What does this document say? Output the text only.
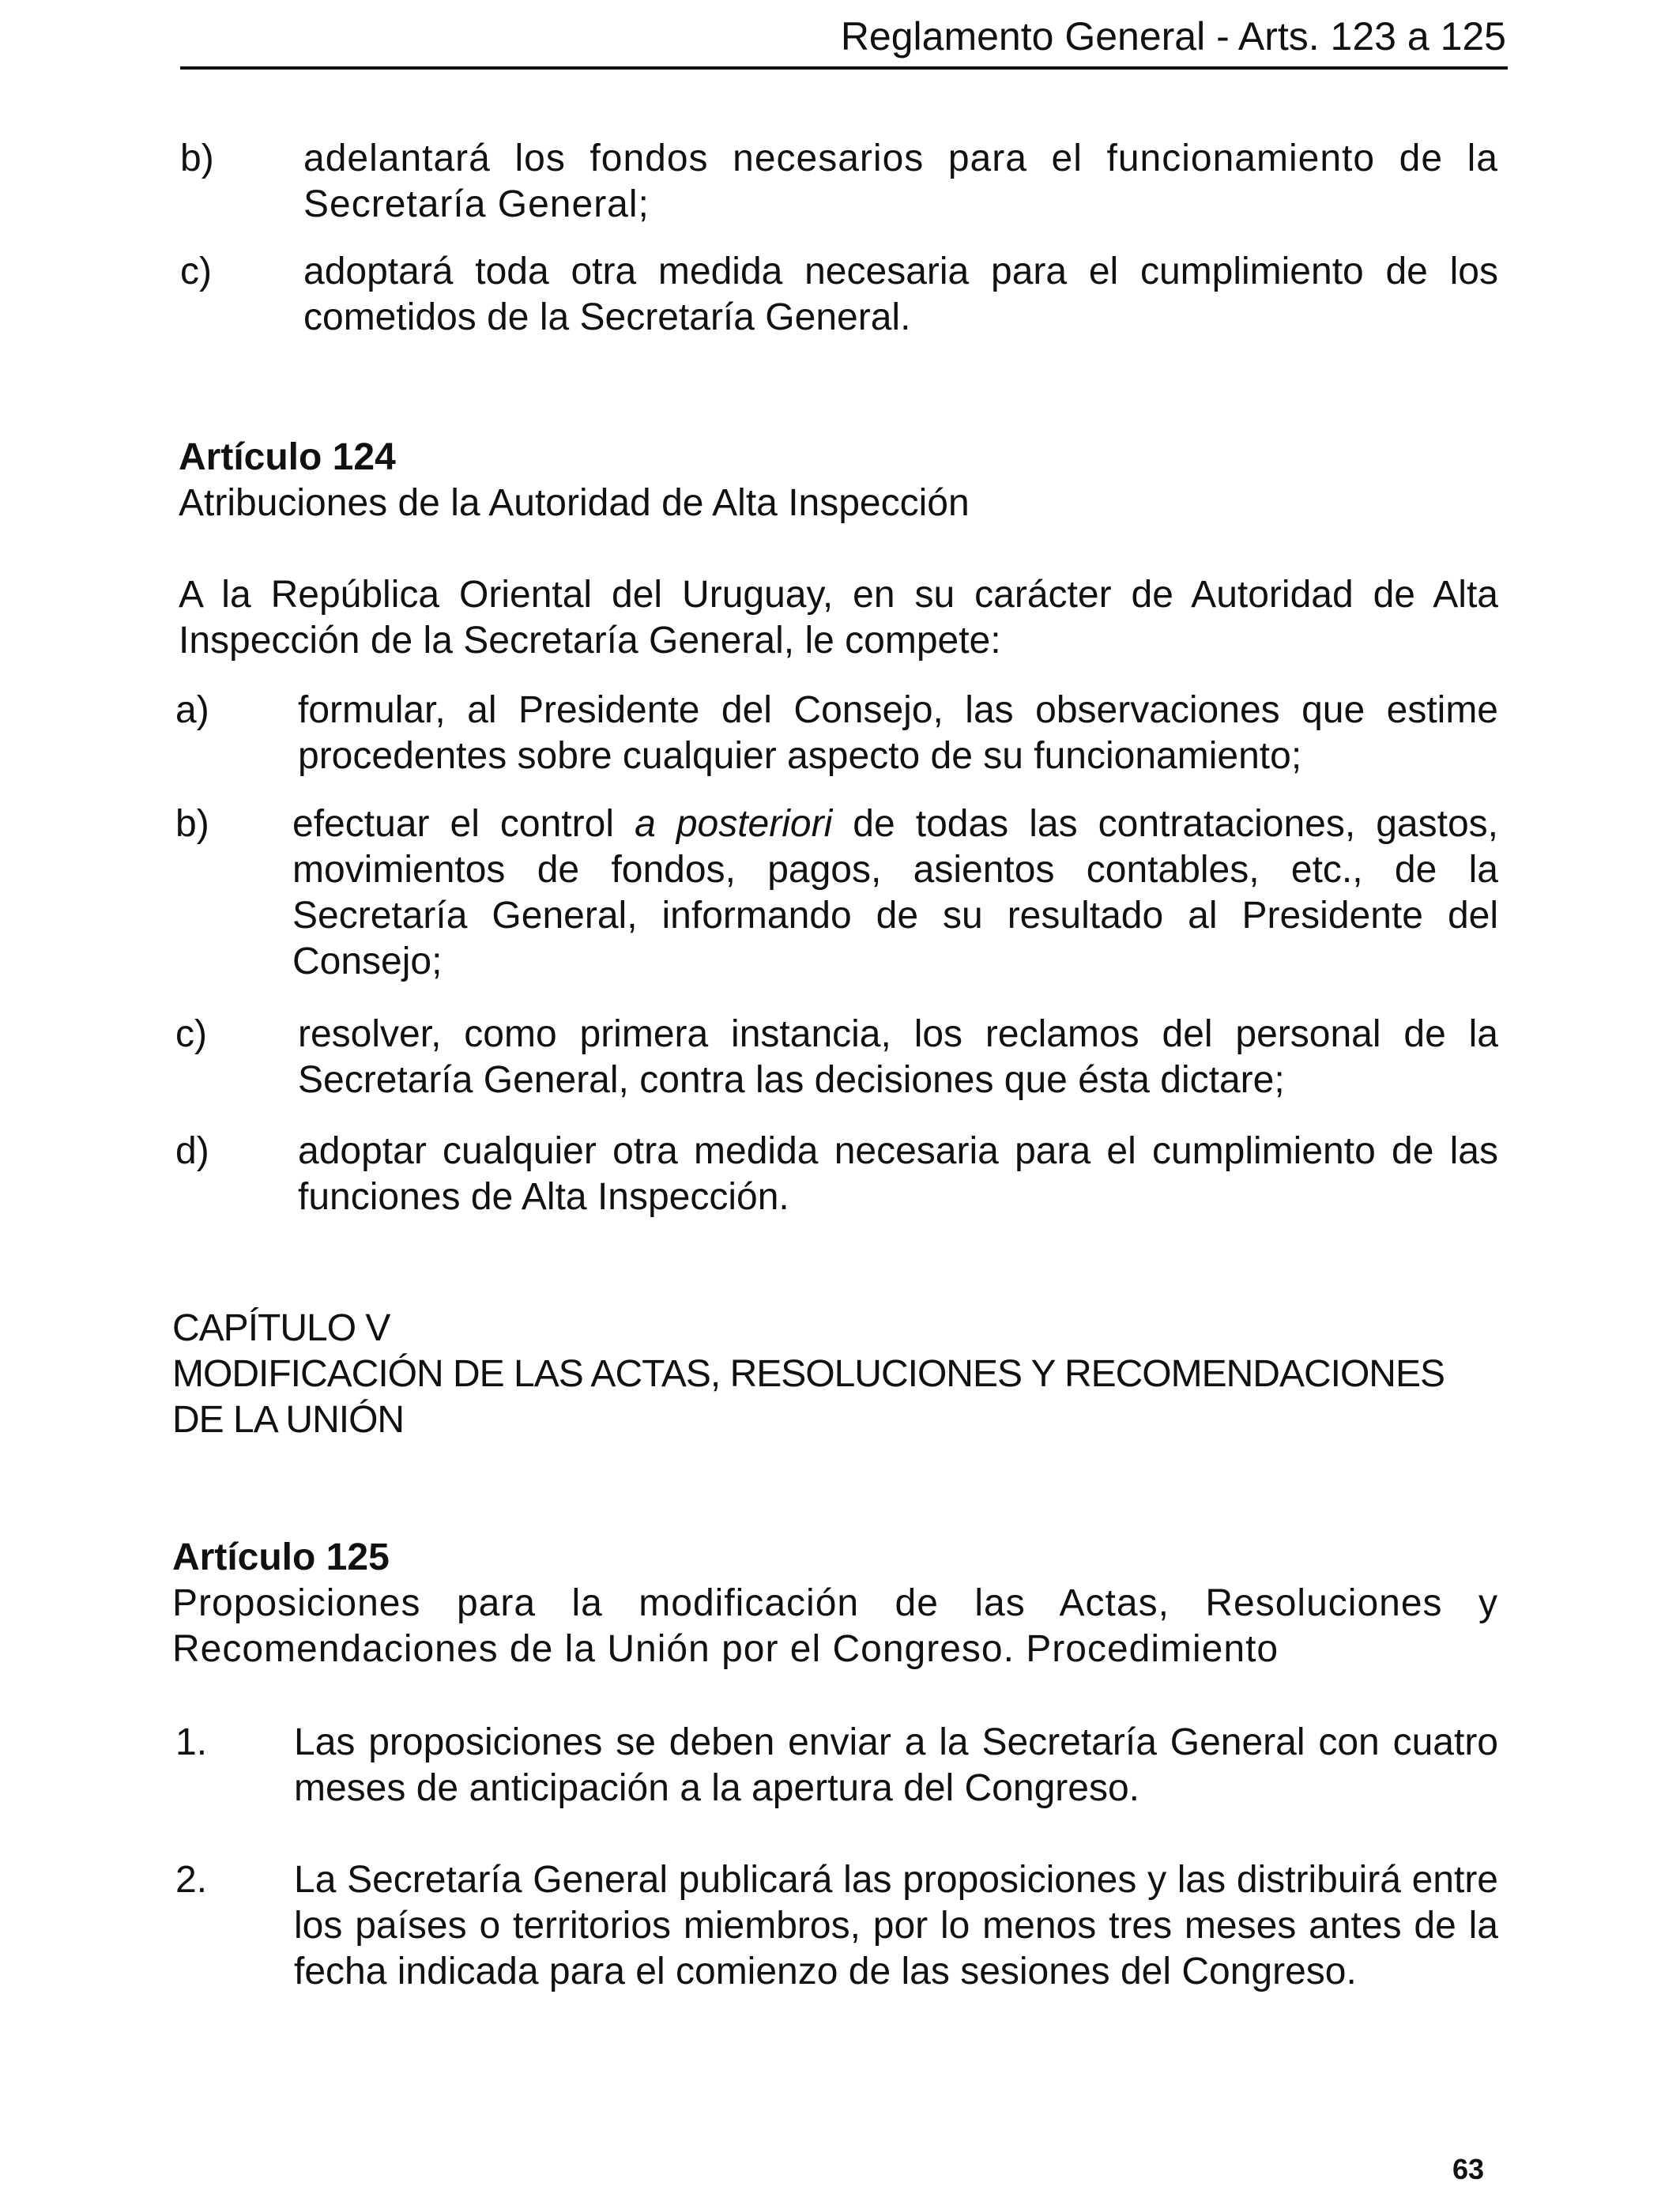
Reglamento General - Arts. 123 a 125
b)	adelantará los fondos necesarios para el funcionamiento de la Secretaría General;

c)	adoptará toda otra medida necesaria para el cumplimiento de los cometidos de la Secretaría General.

Artículo 124
Atribuciones de la Autoridad de Alta Inspección

A la República Oriental del Uruguay, en su carácter de Autoridad de Alta Inspección de la Secretaría General, le compete:

a)	formular, al Presidente del Consejo, las observaciones que estime procedentes sobre cualquier aspecto de su funcionamiento;

b)	efectuar el control a posteriori de todas las contrataciones, gastos, movimientos de fondos, pagos, asientos contables, etc., de la Secretaría General, informando de su resultado al Presidente del Consejo;

c)	resolver, como primera instancia, los reclamos del personal de la Secretaría General, contra las decisiones que ésta dictare;

d)	adoptar cualquier otra medida necesaria para el cumplimiento de las funciones de Alta Inspección.

CAPÍTULO V
MODIFICACIÓN DE LAS ACTAS, RESOLUCIONES Y RECOMENDACIONES
DE LA UNIÓN
Artículo 125

Proposiciones para la modificación de las Actas, Resoluciones y Recomendaciones de la Unión por el Congreso. Procedimiento

1.	Las proposiciones se deben enviar a la Secretaría General con cuatro meses de anticipación a la apertura del Congreso.

2.	La Secretaría General publicará las proposiciones y las distribuirá entre los países o territorios miembros, por lo menos tres meses antes de la fecha indicada para el comienzo de las sesiones del Congreso.

63
